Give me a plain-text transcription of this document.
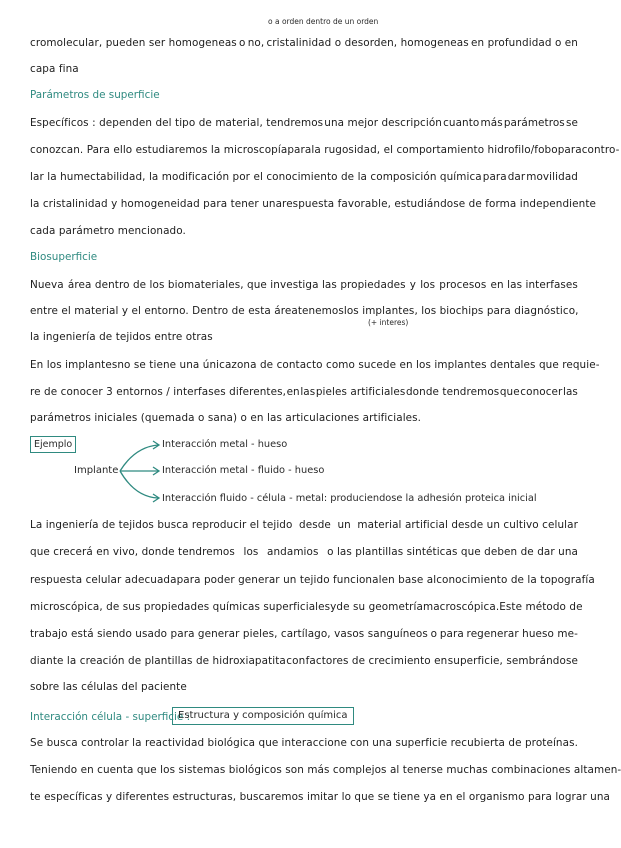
o a orden dentro de un orden
cromolecular, pueden ser homogeneas o no, cristalinidad o desorden, homogeneas en profundidad o en
capa fina
Parámetros de superficie
Específicos : dependen del tipo de material, tendremos una mejor descripción cuanto más parámetros se
conozcan. Para ello estudiaremos la microscopía para la rugosidad, el comportamiento hidrofilo/fobo para contro-
lar la humectabilidad, la modificación por el conocimiento de la composición química para dar movilidad
la cristalinidad y homogeneidad para tener una respuesta favorable, estudiándose de forma independiente
cada parámetro mencionado.
Biosuperficie
Nueva área dentro de los biomateriales, que investiga las propiedades y los procesos en las interfases
entre el material y el entorno. Dentro de esta área tenemos los implantes, los biochips para diagnóstico,
(+ interes)
la ingeniería de tejidos entre otras
En los implantes no se tiene una única zona de contacto como sucede en los implantes dentales que requie-
re de conocer 3 entornos / interfases diferentes, en las pieles artificiales donde tendremos que conocer las
parámetros iniciales (quemada o sana) o en las articulaciones artificiales.
Ejemplo
Implante
Interacción metal - hueso
Interacción metal - fluido - hueso
Interacción fluido - célula - metal: produciendose la adhesión proteica inicial
La ingeniería de tejidos busca reproducir el tejido desde un material artificial desde un cultivo celular
que crecerá en vivo, donde tendremos los andamios o las plantillas sintéticas que deben de dar una
respuesta celular adecuada para poder generar un tejido funcional en base al conocimiento de la topografía
microscópica, de sus propiedades químicas superficiales y de su geometría macroscópica. Este método de
trabajo está siendo usado para generar pieles, cartílago, vasos sanguíneos o para regenerar hueso me-
diante la creación de plantillas de hidroxiapatita con factores de crecimiento en superficie, sembrándose
sobre las células del paciente
Interacción célula - superficie :
Estructura y composición química
Se busca controlar la reactividad biológica que interaccione con una superficie recubierta de proteínas.
Teniendo en cuenta que los sistemas biológicos son más complejos al tenerse muchas combinaciones altamen-
te específicas y diferentes estructuras, buscaremos imitar lo que se tiene ya en el organismo para lograr una
